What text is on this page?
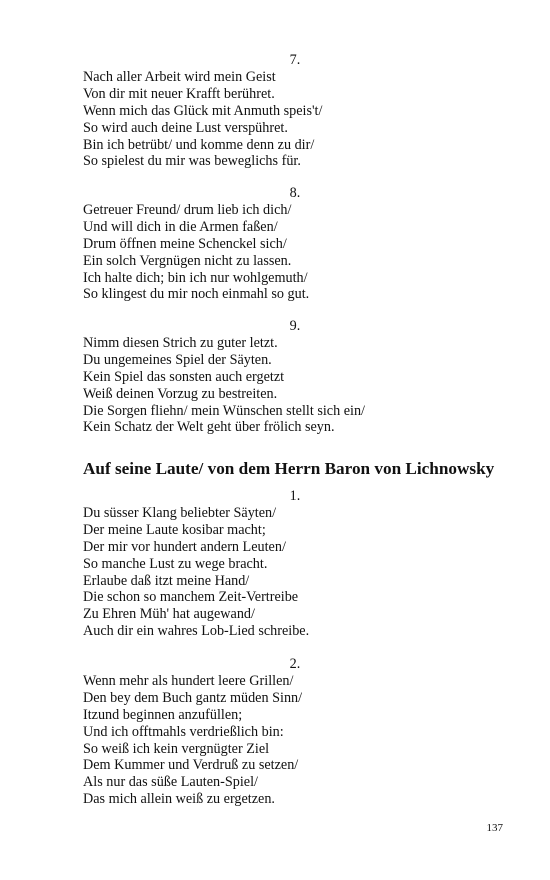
7.
Nach aller Arbeit wird mein Geist
Von dir mit neuer Krafft berühret.
Wenn mich das Glück mit Anmuth speis't/
So wird auch deine Lust verspühret.
Bin ich betrübt/ und komme denn zu dir/
So spielest du mir was beweglichs für.
8.
Getreuer Freund/ drum lieb ich dich/
Und will dich in die Armen faßen/
Drum öffnen meine Schenckel sich/
Ein solch Vergnügen nicht zu lassen.
Ich halte dich; bin ich nur wohlgemuth/
So klingest du mir noch einmahl so gut.
9.
Nimm diesen Strich zu guter letzt.
Du ungemeines Spiel der Säyten.
Kein Spiel das sonsten auch ergetzt
Weiß deinen Vorzug zu bestreiten.
Die Sorgen fliehn/ mein Wünschen stellt sich ein/
Kein Schatz der Welt geht über frölich seyn.
Auf seine Laute/ von dem Herrn Baron von Lichnowsky
1.
Du süsser Klang beliebter Säyten/
Der meine Laute kosibar macht;
Der mir vor hundert andern Leuten/
So manche Lust zu wege bracht.
Erlaube daß itzt meine Hand/
Die schon so manchem Zeit-Vertreibe
Zu Ehren Müh' hat augewand/
Auch dir ein wahres Lob-Lied schreibe.
2.
Wenn mehr als hundert leere Grillen/
Den bey dem Buch gantz müden Sinn/
Itzund beginnen anzufüllen;
Und ich offtmahls verdrießlich bin:
So weiß ich kein vergnügter Ziel
Dem Kummer und Verdruß zu setzen/
Als nur das süße Lauten-Spiel/
Das mich allein weiß zu ergetzen.
137
